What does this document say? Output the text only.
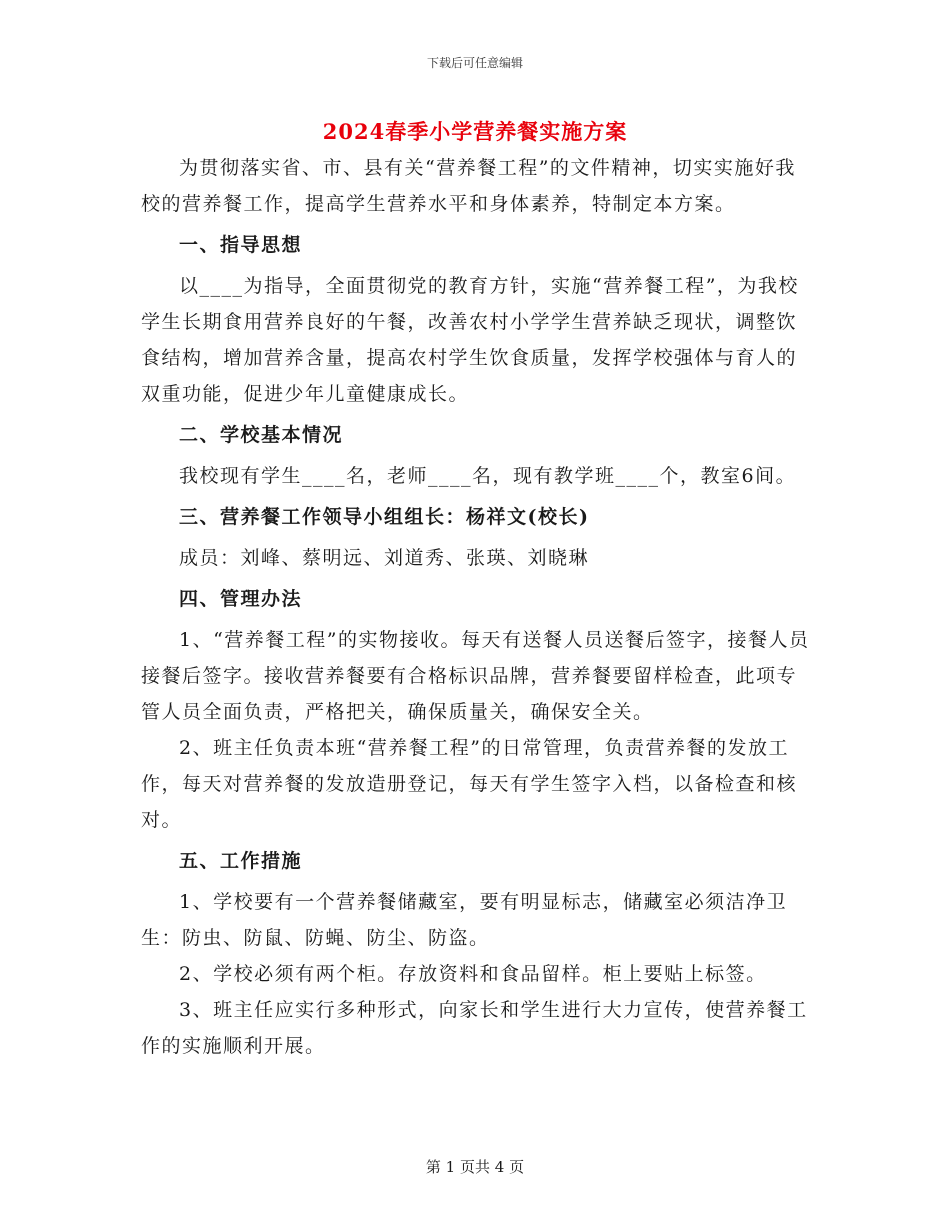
下载后可任意编辑
2024春季小学营养餐实施方案

为贯彻落实省、市、县有关“营养餐工程”的文件精神，切实实施好我校的营养餐工作，提高学生营养水平和身体素养，特制定本方案。

一、指导思想

以____为指导，全面贯彻党的教育方针，实施“营养餐工程”，为我校学生长期食用营养良好的午餐，改善农村小学学生营养缺乏现状，调整饮食结构，增加营养含量，提高农村学生饮食质量，发挥学校强体与育人的双重功能，促进少年儿童健康成长。

二、学校基本情况

我校现有学生____名，老师____名，现有教学班____个，教室6间。

三、营养餐工作领导小组组长：杨祥文(校长)

成员：刘峰、蔡明远、刘道秀、张瑛、刘晓琳

四、管理办法

1、“营养餐工程”的实物接收。每天有送餐人员送餐后签字，接餐人员接餐后签字。接收营养餐要有合格标识品牌，营养餐要留样检查，此项专管人员全面负责，严格把关，确保质量关，确保安全关。

2、班主任负责本班“营养餐工程”的日常管理，负责营养餐的发放工作，每天对营养餐的发放造册登记，每天有学生签字入档，以备检查和核对。

五、工作措施

1、学校要有一个营养餐储藏室，要有明显标志，储藏室必须洁净卫生：防虫、防鼠、防蝇、防尘、防盗。

2、学校必须有两个柜。存放资料和食品留样。柜上要贴上标签。

3、班主任应实行多种形式，向家长和学生进行大力宣传，使营养餐工作的实施顺利开展。

第 1 页共 4 页
